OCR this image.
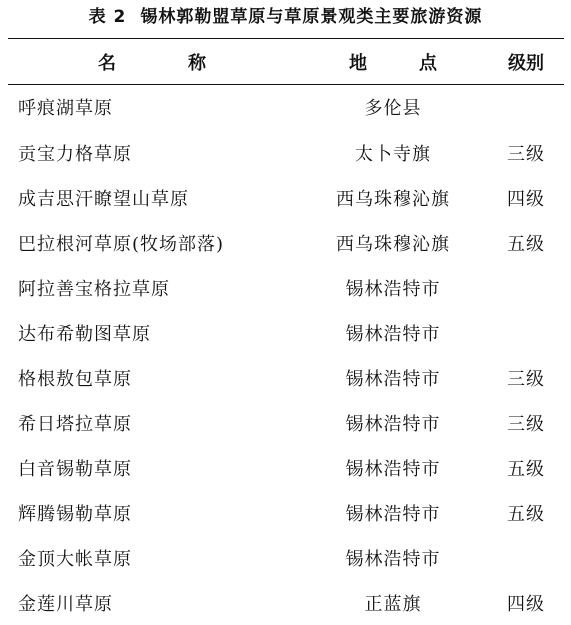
表 2 锡林郭勒盟草原与草原景观类主要旅游资源
名 称	地 点	级别
呼痕湖草原	多伦县	
贡宝力格草原	太卜寺旗	三级
成吉思汗瞭望山草原	西乌珠穆沁旗	四级
巴拉根河草原(牧场部落)	西乌珠穆沁旗	五级
阿拉善宝格拉草原	锡林浩特市	
达布希勒图草原	锡林浩特市	
格根敖包草原	锡林浩特市	三级
希日塔拉草原	锡林浩特市	三级
白音锡勒草原	锡林浩特市	五级
辉腾锡勒草原	锡林浩特市	五级
金顶大帐草原	锡林浩特市	
金莲川草原	正蓝旗	四级
